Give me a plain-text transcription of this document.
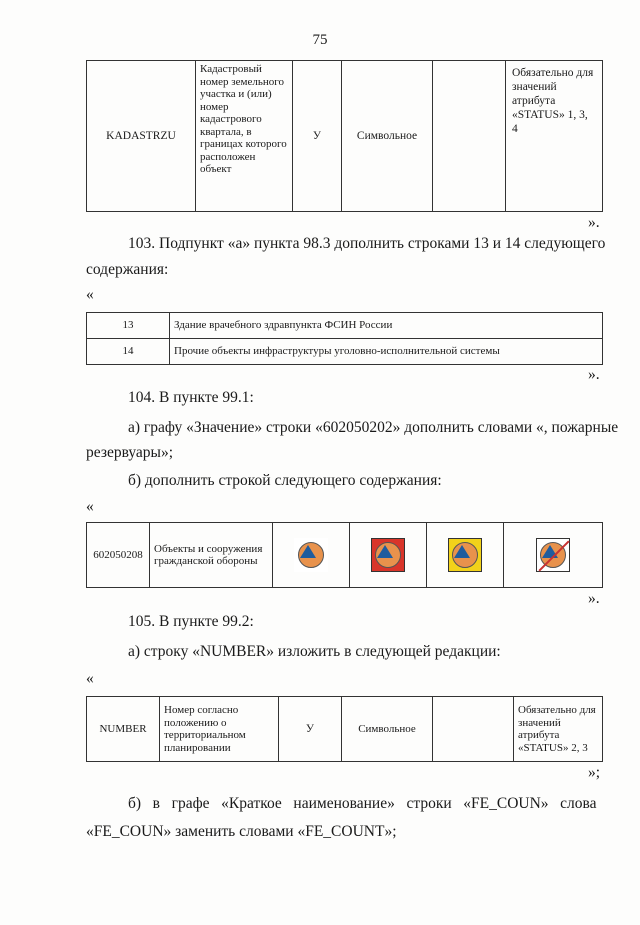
75
KADASTRZU	Кадастровый номер земельного участка и (или) номер кадастрового квартала, в границах которого расположен объект	У	Символьное		Обязательно для значений атрибута «STATUS» 1, 3, 4
».
103. Подпункт «а» пункта 98.3 дополнить строками 13 и 14 следующего
содержания:
«
13	Здание врачебного здравпункта ФСИН России
14	Прочие объекты инфраструктуры уголовно-исполнительной системы
».
104. В пункте 99.1:
а) графу «Значение» строки «602050202» дополнить словами «, пожарные
резервуары»;
б) дополнить строкой следующего содержания:
«
602050208	Объекты и сооружения гражданской обороны	

».
105. В пункте 99.2:
а) строку «NUMBER» изложить в следующей редакции:
«
NUMBER	Номер согласно положению о территориальном планировании	У	Символьное		Обязательно для значений атрибута «STATUS» 2, 3
»;
б)   в   графе   «Краткое   наименование»   строки   «FE_COUN»   слова
«FE_COUN» заменить словами «FE_COUNT»;
